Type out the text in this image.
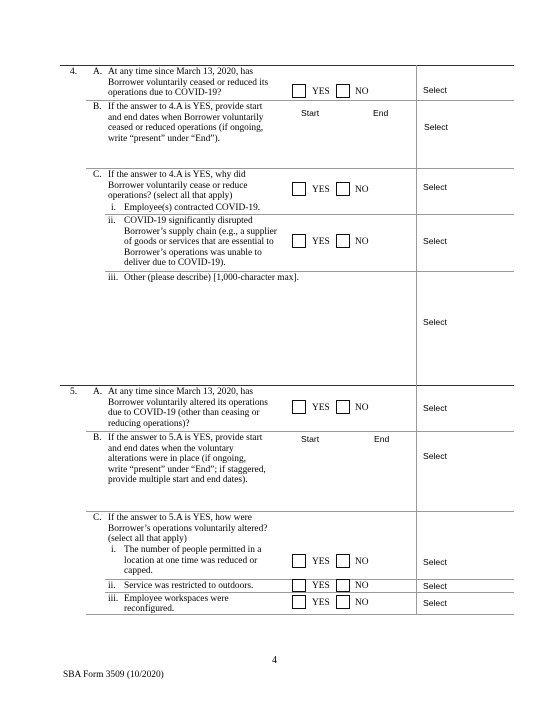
4. A. At any time since March 13, 2020, has
Borrower voluntarily ceased or reduced its
operations due to COVID-19?	YES	NO	Select
B. If the answer to 4.A is YES, provide start
and end dates when Borrower voluntarily
ceased or reduced operations (if ongoing,
write “present” under “End”).
Start	End
Select
C. If the answer to 4.A is YES, why did
Borrower voluntarily cease or reduce
operations? (select all that apply)
YES	NO	Select
i. Employee(s) contracted COVID-19.
ii. COVID-19 significantly disrupted
Borrower’s supply chain (e.g., a supplier
of goods or services that are essential to
Borrower’s operations was unable to
deliver due to COVID-19).
YES	NO	Select
iii. Other (please describe) [1,000-character max].
Select
5. A. At any time since March 13, 2020, has
Borrower voluntarily altered its operations
due to COVID-19 (other than ceasing or
reducing operations)?
YES	NO	Select
B. If the answer to 5.A is YES, provide start
and end dates when the voluntary
alterations were in place (if ongoing,
write “present” under “End”; if staggered,
provide multiple start and end dates).
Start	End
Select
C. If the answer to 5.A is YES, how were
Borrower’s operations voluntarily altered?
(select all that apply)
i. The number of people permitted in a
location at one time was reduced or
capped.
YES	NO	Select
ii. Service was restricted to outdoors.	YES	NO	Select
iii. Employee workspaces were
reconfigured.
YES	NO	Select
4
SBA Form 3509 (10/2020)
